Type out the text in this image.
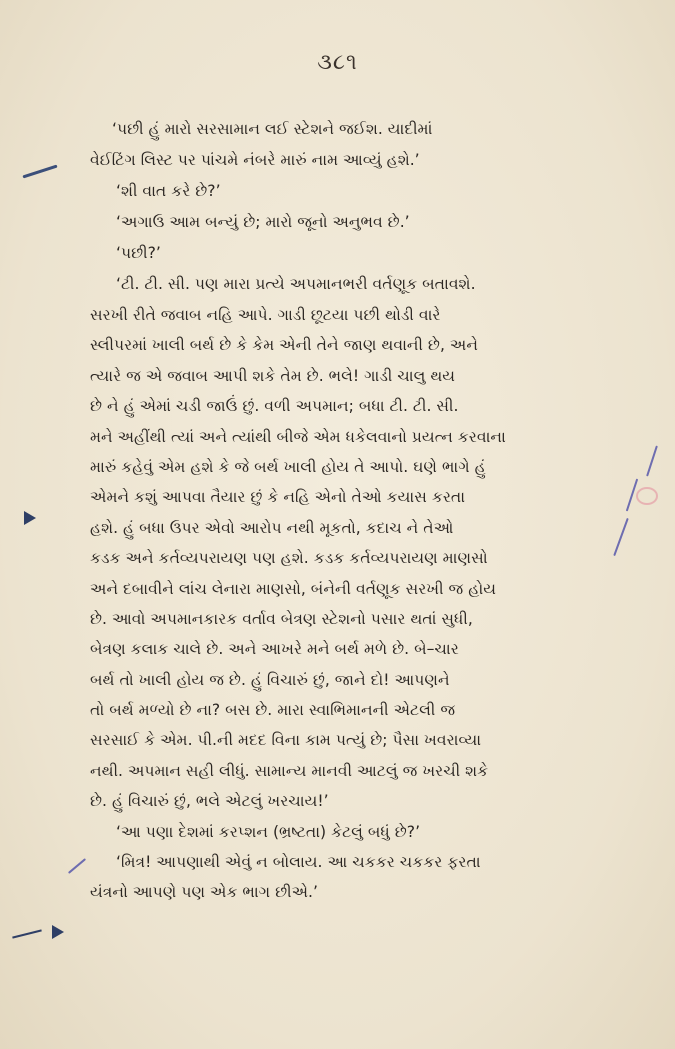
૩૮૧
‘પછી હું મારો સરસામાન લઈ સ્ટેશને જઈશ. યાદીમાં
વેઈટિંગ લિસ્ટ પર પાંચમે નંબરે મારું નામ આવ્યું હશે.’
‘શી વાત કરે છે?’
‘અગાઉ આમ બન્યું છે; મારો જૂનો અનુભવ છે.’
‘પછી?’
‘ટી. ટી. સી. પણ મારા પ્રત્યે અપમાનભરી વર્તણૂક બતાવશે.
સરખી રીતે જવાબ નહિ આપે. ગાડી છૂટયા પછી થોડી વારે
સ્લીપરમાં ખાલી બર્થ છે કે કેમ એની તેને જાણ થવાની છે, અને
ત્યારે જ એ જવાબ આપી શકે તેમ છે. ભલે! ગાડી ચાલુ થય
છે ને હું એમાં ચડી જાઉં છું. વળી અપમાન; બધા ટી. ટી. સી.
મને અહીંથી ત્યાં અને ત્યાંથી બીજે એમ ધકેલવાનો પ્રયત્ન કરવાના
મારું કહેવું એમ હશે કે જે બર્થ ખાલી હોય તે આપો. ઘણે ભાગે હું
એમને કશું આપવા તૈયાર છું કે નહિ એનો તેઓ કયાસ કરતા
હશે. હું બધા ઉપર એવો આરોપ નથી મૂકતો, કદાચ ને તેઓ
કડક અને કર્તવ્યપરાયણ પણ હશે. કડક કર્તવ્યપરાયણ માણસો
અને દબાવીને લાંચ લેનારા માણસો, બંનેની વર્તણૂક સરખી જ હોય
છે. આવો અપમાનકારક વર્તાવ બેત્રણ સ્ટેશનો પસાર થતાં સુધી,
બેત્રણ કલાક ચાલે છે. અને આખરે મને બર્થ મળે છે. બે–ચાર
બર્થ તો ખાલી હોય જ છે. હું વિચારું છું, જાને દો! આપણને
તો બર્થ મળ્યો છે ના? બસ છે. મારા સ્વાભિમાનની એટલી જ
સરસાઈ કે એમ. પી.ની મદદ વિના કામ પત્યું છે; પૈસા ખવરાવ્યા
નથી. અપમાન સહી લીધું. સામાન્ય માનવી આટલું જ ખરચી શકે
છે. હું વિચારું છું, ભલે એટલું ખરચાય!’
‘આ પણા દેશમાં કરપ્શન (ભ્રષ્ટતા) કેટલું બધું છે?’
‘મિત્ર! આપણાથી એવું ન બોલાય. આ ચકકર ચકકર ફરતા
યંત્રનો આપણે પણ એક ભાગ છીએ.’
